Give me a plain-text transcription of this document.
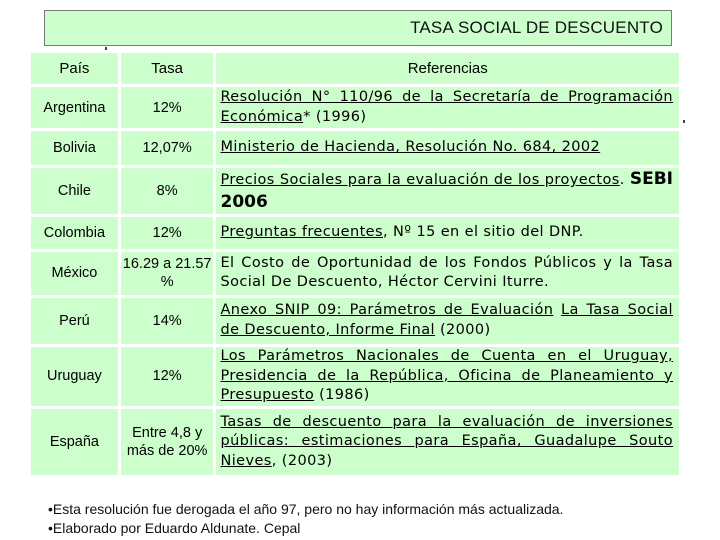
TASA SOCIAL DE DESCUENTO
País	Tasa	Referencias
Argentina	12%	Resolución N° 110/96 de la Secretaría de Programación Económica* (1996)
Bolivia	12,07%	Ministerio de Hacienda, Resolución No. 684, 2002
Chile	8%	Precios Sociales para la evaluación de los proyectos. SEBI 2006
Colombia	12%	Preguntas frecuentes, Nº 15 en el sitio del DNP.
México	16.29 a 21.57 %	El Costo de Oportunidad de los Fondos Públicos y la Tasa Social De Descuento, Héctor Cervini Iturre.
Perú	14%	Anexo SNIP 09: Parámetros de Evaluación La Tasa Social de Descuento, Informe Final (2000)
Uruguay	12%	Los Parámetros Nacionales de Cuenta en el Uruguay, Presidencia de la República, Oficina de Planeamiento y Presupuesto (1986)
España	Entre 4,8 y más de 20%	Tasas de descuento para la evaluación de inversiones públicas: estimaciones para España, Guadalupe Souto Nieves, (2003)
•Esta resolución fue derogada el año 97, pero no hay información más actualizada.
•Elaborado por Eduardo Aldunate. Cepal
